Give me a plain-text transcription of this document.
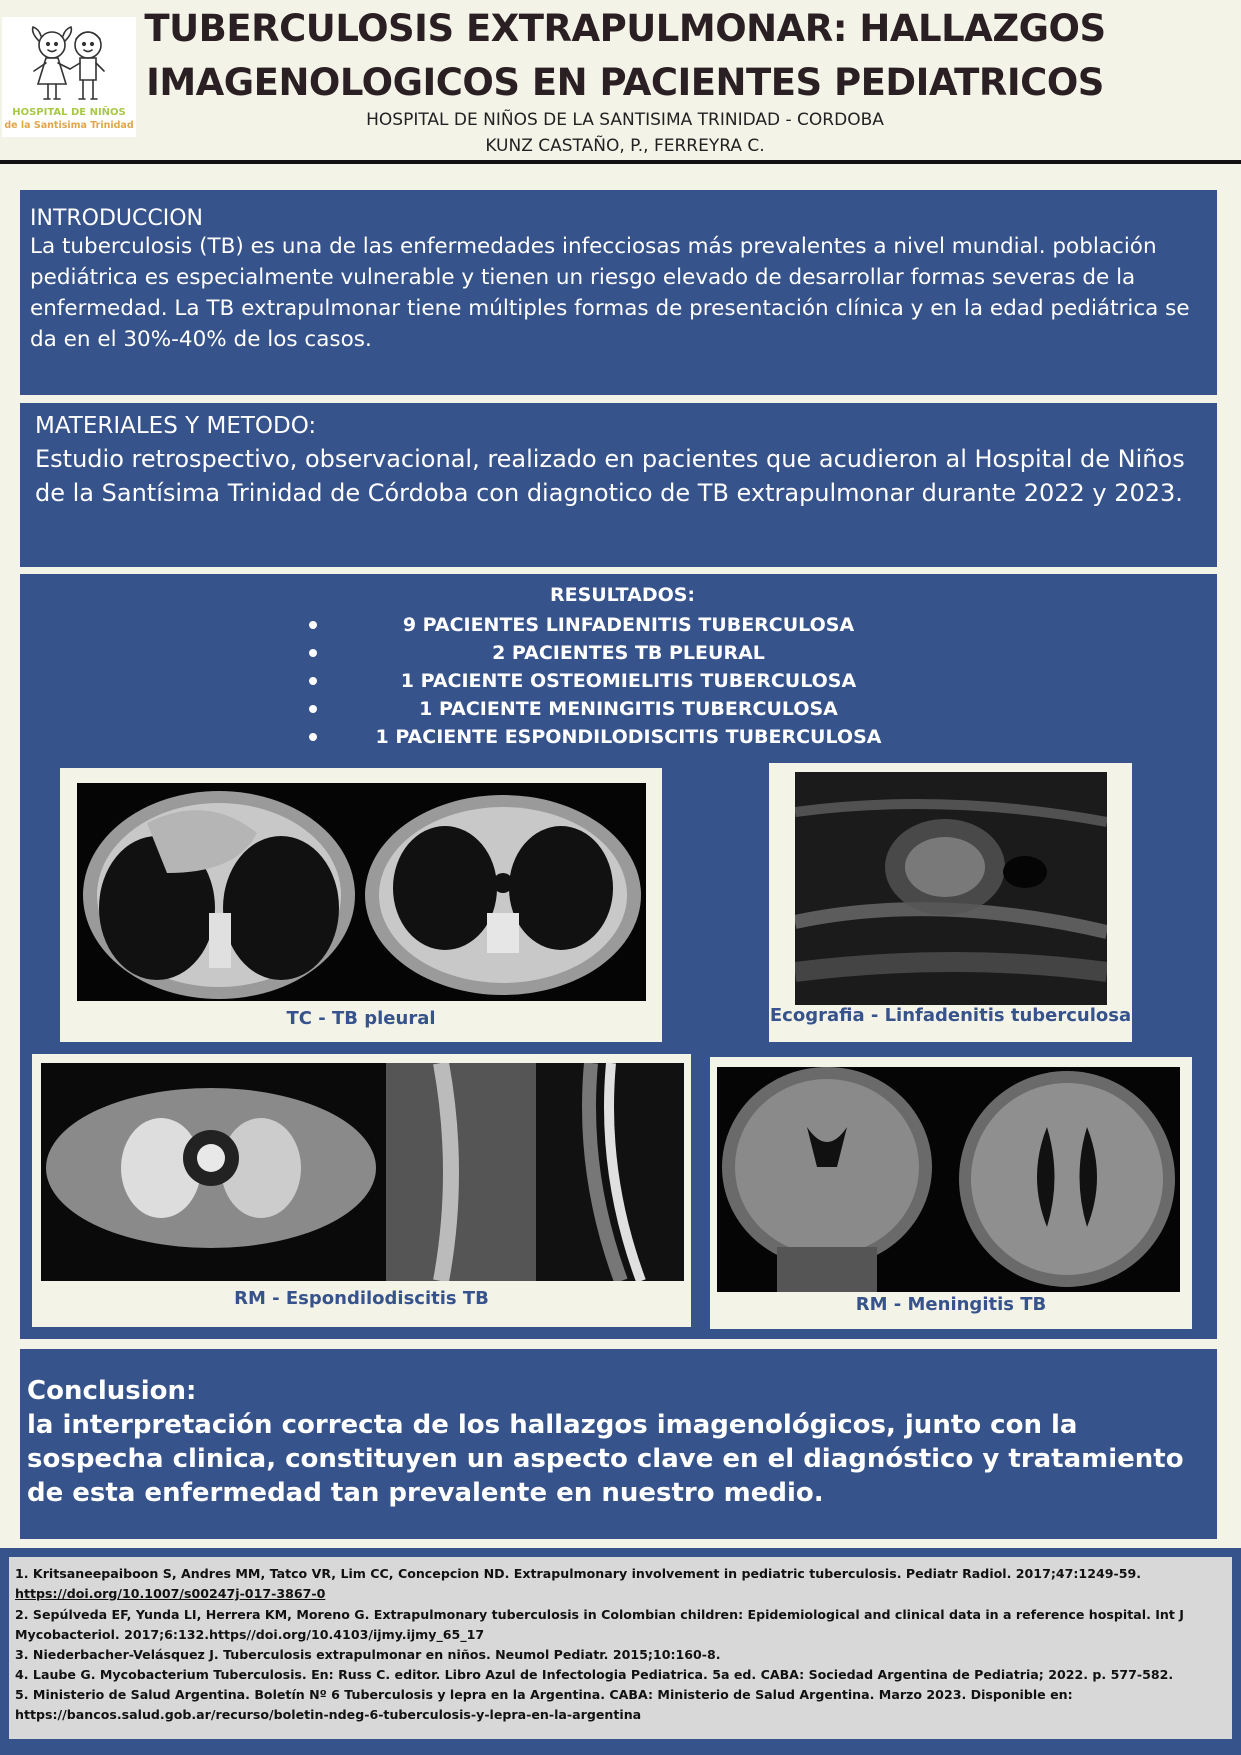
HOSPITAL DE NIÑOS
de la Santisima Trinidad
TUBERCULOSIS EXTRAPULMONAR: HALLAZGOS
IMAGENOLOGICOS EN PACIENTES PEDIATRICOS
HOSPITAL DE NIÑOS DE LA SANTISIMA TRINIDAD - CORDOBA
KUNZ CASTAÑO, P., FERREYRA C.
INTRODUCCION
La tuberculosis (TB) es una de las enfermedades infecciosas más prevalentes a nivel mundial. población pediátrica es especialmente vulnerable y tienen un riesgo elevado de desarrollar formas severas de la enfermedad. La TB extrapulmonar tiene múltiples formas de presentación clínica y en la edad pediátrica se da en el 30%-40% de los casos.
MATERIALES Y METODO:
Estudio retrospectivo, observacional, realizado en pacientes que acudieron al Hospital de Niños de la Santísima Trinidad de Córdoba con diagnotico de TB extrapulmonar durante 2022 y 2023.
RESULTADOS:
9 PACIENTES LINFADENITIS TUBERCULOSA
2 PACIENTES TB PLEURAL
1 PACIENTE OSTEOMIELITIS TUBERCULOSA
1 PACIENTE MENINGITIS TUBERCULOSA
1 PACIENTE ESPONDILODISCITIS TUBERCULOSA
TC - TB pleural	Ecografia - Linfadenitis tuberculosa
RM - Espondilodiscitis TB	RM - Meningitis TB
Conclusion:
la interpretación correcta de los hallazgos imagenológicos, junto con la sospecha clinica, constituyen un aspecto clave en el diagnóstico y tratamiento de esta enfermedad tan prevalente en nuestro medio.
1. Kritsaneepaiboon S, Andres MM, Tatco VR, Lim CC, Concepcion ND. Extrapulmonary involvement in pediatric tuberculosis. Pediatr Radiol. 2017;47:1249-59.
https://doi.org/10.1007/s00247j-017-3867-0
2. Sepúlveda EF, Yunda LI, Herrera KM, Moreno G. Extrapulmonary tuberculosis in Colombian children: Epidemiological and clinical data in a reference hospital. Int J
Mycobacteriol. 2017;6:132.https//doi.org/10.4103/ijmy.ijmy_65_17
3. Niederbacher-Velásquez J. Tuberculosis extrapulmonar en niños. Neumol Pediatr. 2015;10:160-8.
4. Laube G. Mycobacterium Tuberculosis. En: Russ C. editor. Libro Azul de Infectologia Pediatrica. 5a ed. CABA: Sociedad Argentina de Pediatria; 2022. p. 577-582.
5. Ministerio de Salud Argentina. Boletín Nº 6 Tuberculosis y lepra en la Argentina. CABA: Ministerio de Salud Argentina. Marzo 2023. Disponible en:
https://bancos.salud.gob.ar/recurso/boletin-ndeg-6-tuberculosis-y-lepra-en-la-argentina
